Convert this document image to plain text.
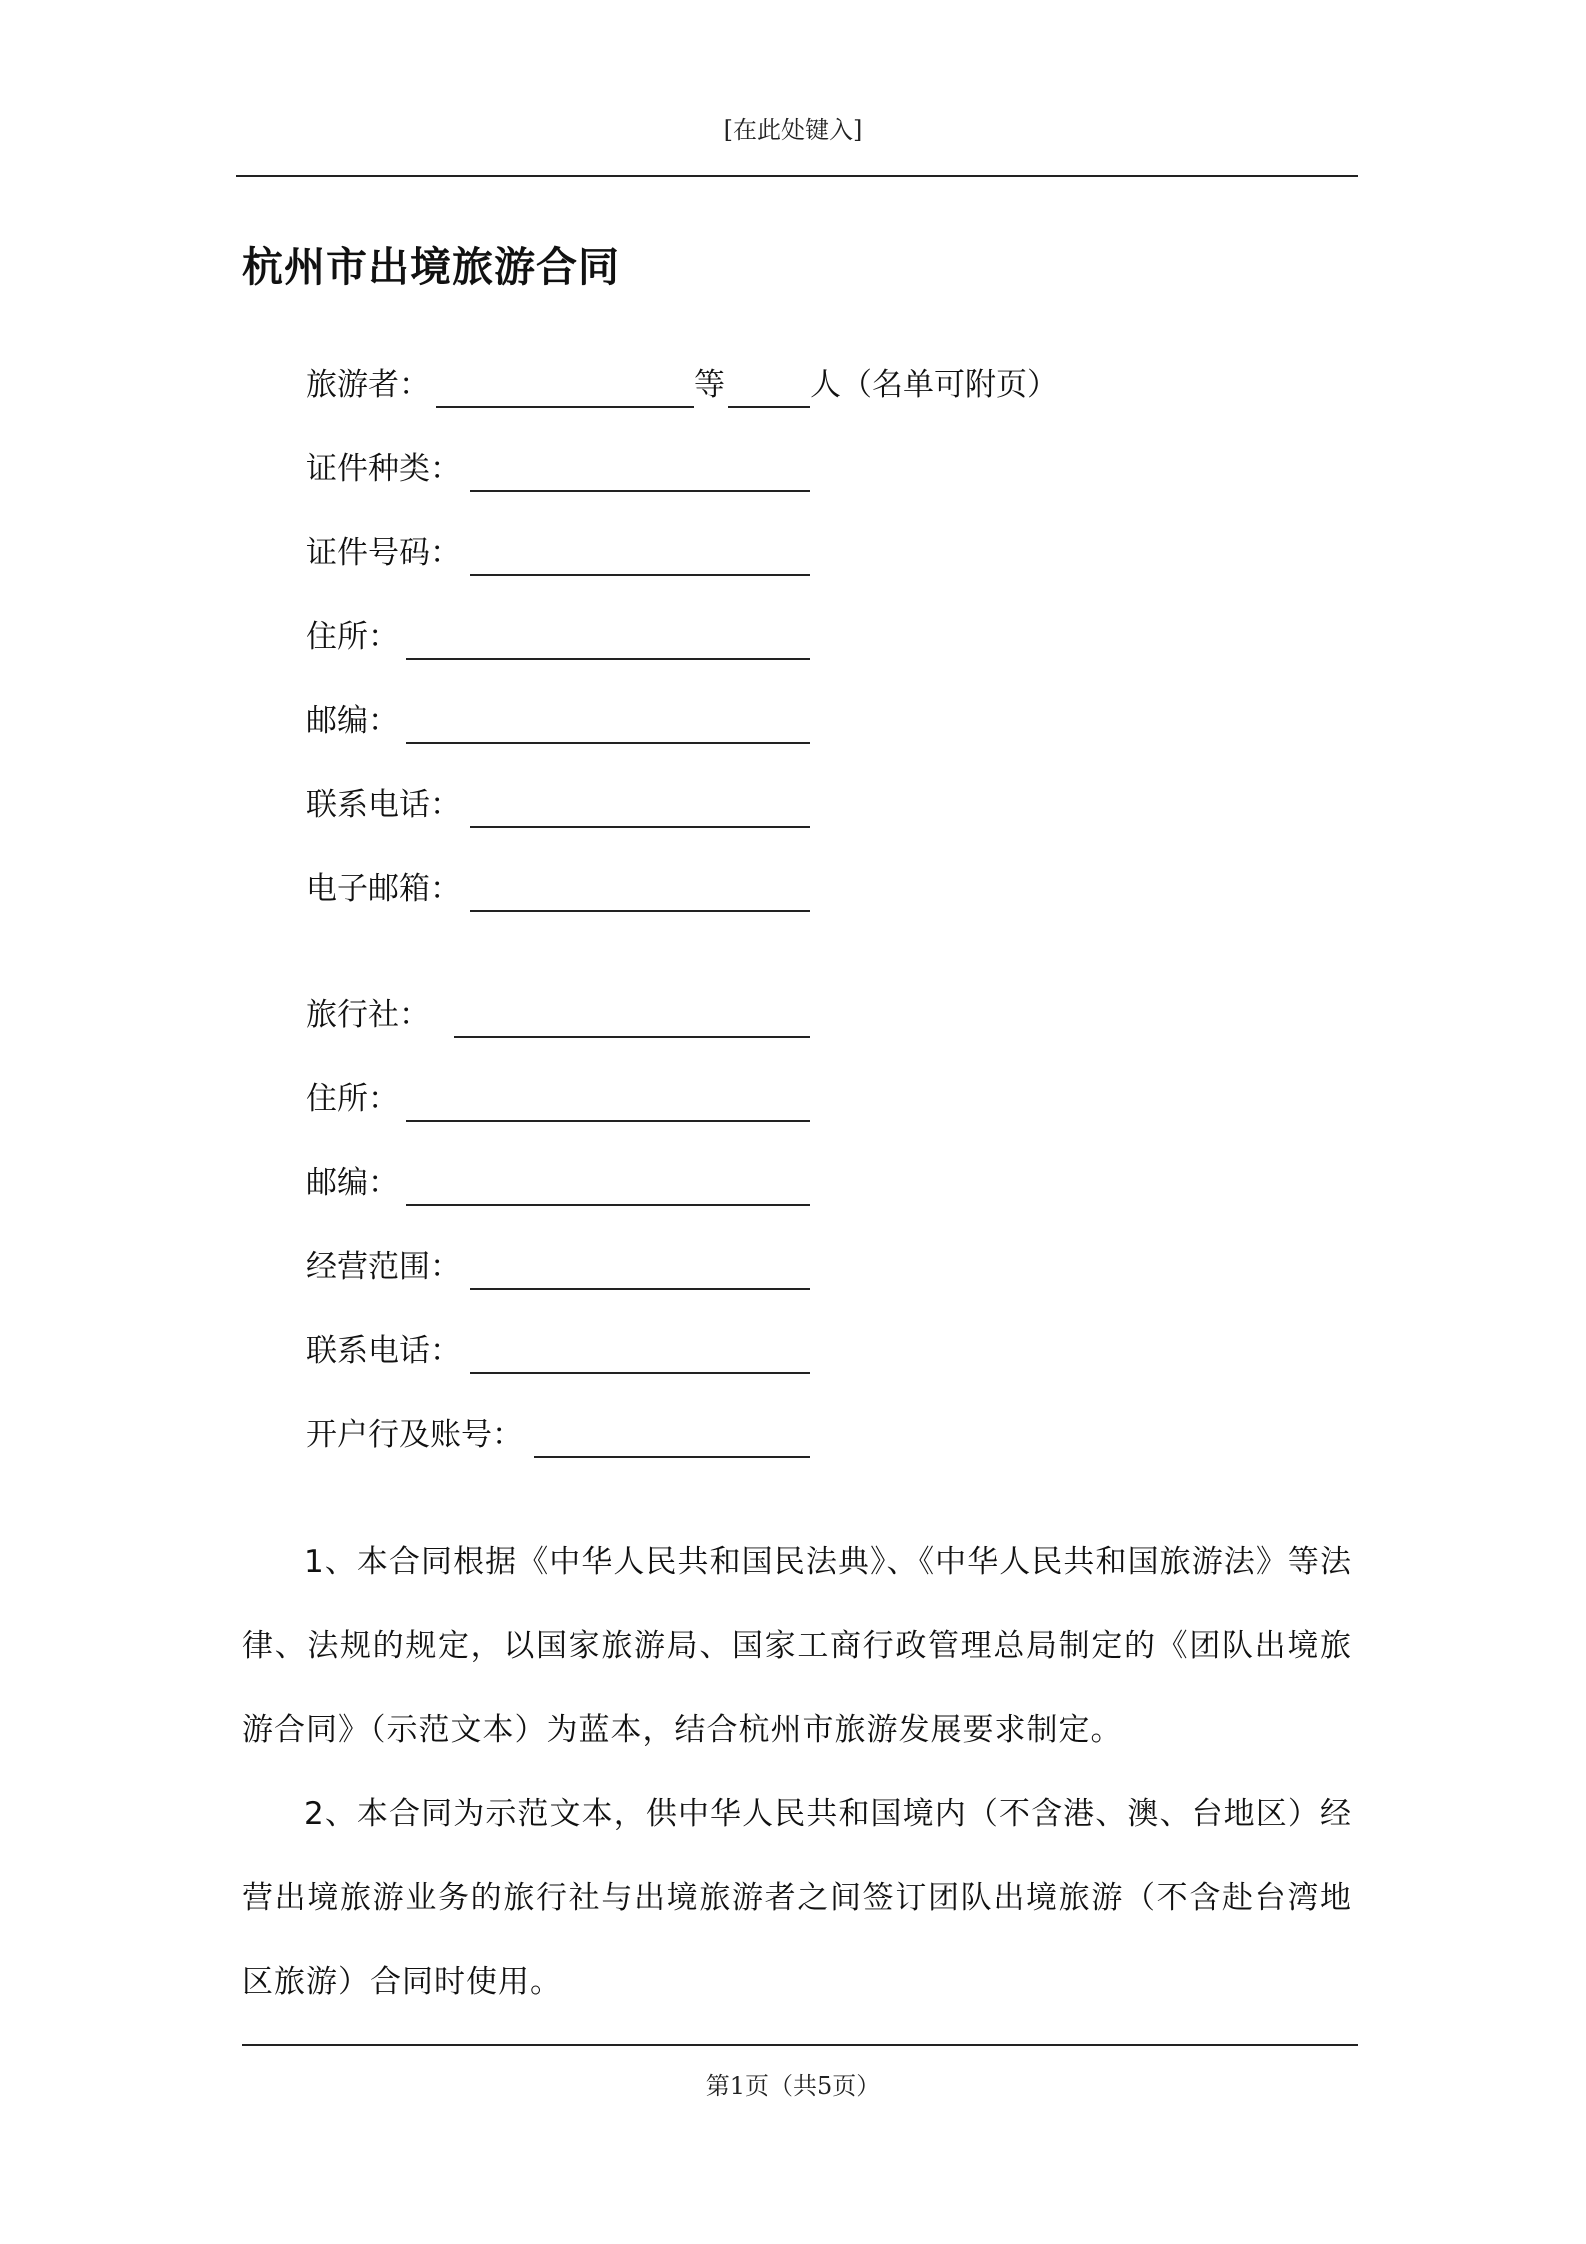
[在此处键入]
杭州市出境旅游合同
旅游者：	等	人（名单可附页）
证件种类：
证件号码：
住所：
邮编：
联系电话：
电子邮箱：
旅行社：
住所：
邮编：
经营范围：
联系电话：
开户行及账号：
1、本合同根据《中华人民共和国民法典》、《中华人民共和国旅游法》等法律、法规的规定，以国家旅游局、国家工商行政管理总局制定的《团队出境旅游合同》（示范文本）为蓝本，结合杭州市旅游发展要求制定。
2、本合同为示范文本，供中华人民共和国境内（不含港、澳、台地区）经营出境旅游业务的旅行社与出境旅游者之间签订团队出境旅游（不含赴台湾地区旅游）合同时使用。
第1页（共5页）
